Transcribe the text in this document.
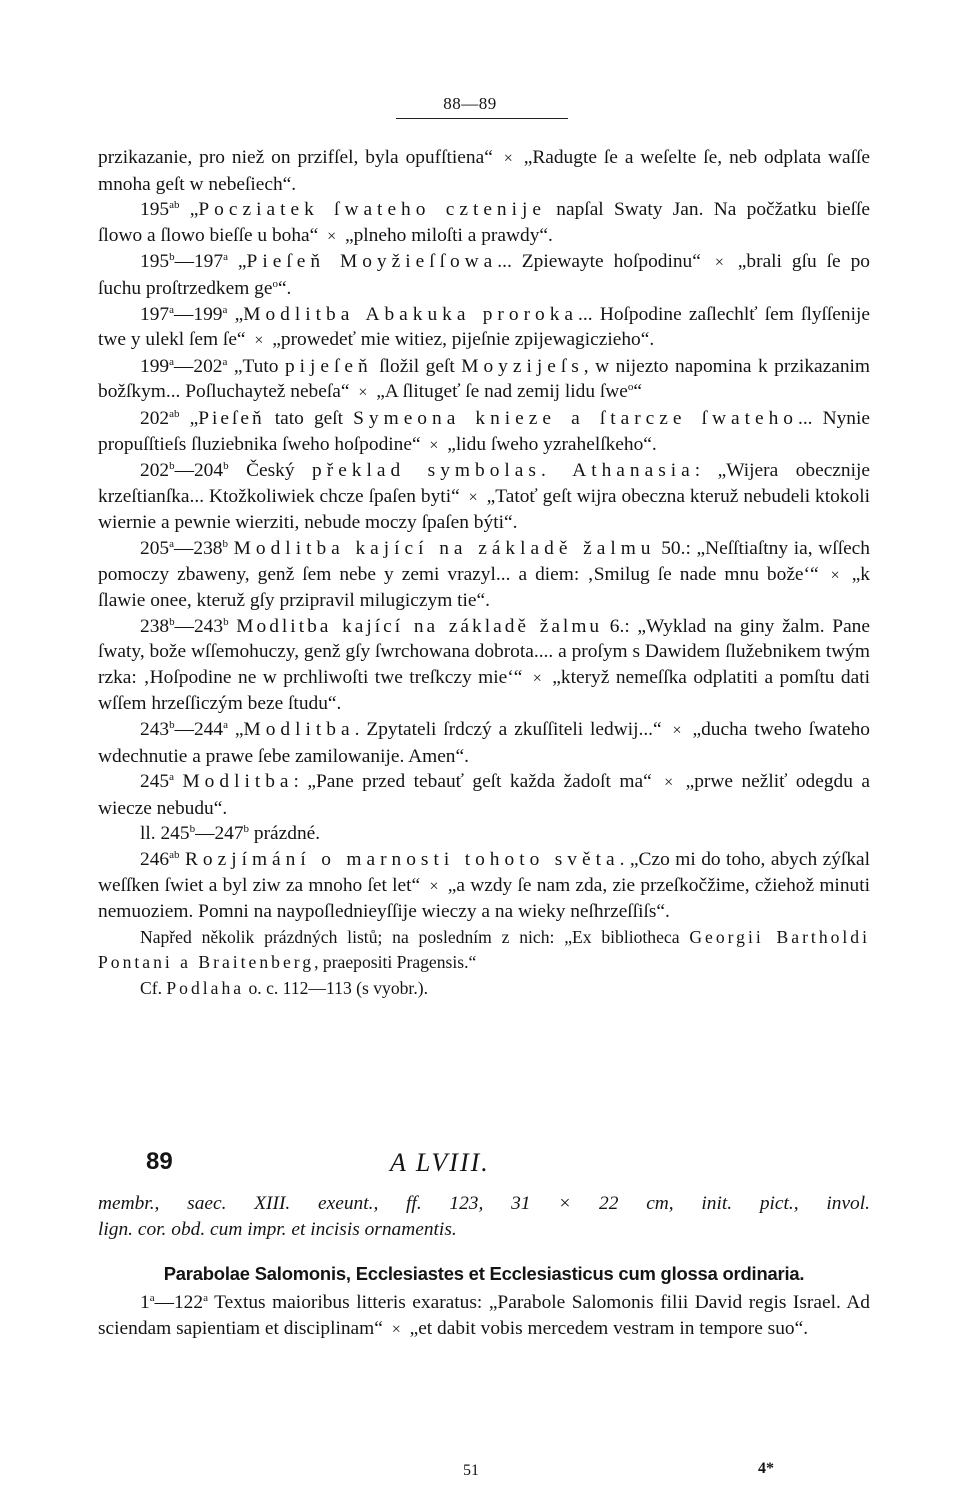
88—89

przikazanie, pro niež on przifſel, byla opufſtiena“ × „Radugte ſe a weſelte ſe, neb odplata waſſe mnoha geſt w nebeſiech“.

$195^{ab}$ „Pocziatek ſwateho cztenije napſal Swaty Jan. Na počžatku bieſſe ſlowo a ſlowo bieſſe u boha“ × „plneho miloſti a prawdy“.

195$^b$—197$^a$ „Pieſeň Moyžieſſowa... Zpiewayte hoſpodinu“ × „brali gſu ſe po ſuchu proſtrzedkem $ge^o“$.

197$^a$—199$^a$ „Modlitba Abakuka proroka... Hoſpodine zaſlechlť ſem ſlyſſenije twe y ulekl ſem ſe“ × „prowedeť mie witiez, pijeſnie zpijewagiczieho“.

199$^a$—202$^a$ „Tuto pijeſeň ſložil geſt Moyzijeſs, w nijezto napomina k przikazanim božſkym... Poſluchaytež nebeſa“ × „A ſlitugeť ſe nad zemij lidu ſwe$^o$“

$202^{ab}$ „Pieſeň tato geſt Symeona knieze a ſtarcze ſwateho... Nynie propuſſtieſs ſluziebnika ſweho hoſpodine“ × „lidu ſweho yzrahelſkeho“.

202$^b$—204$^b$ Český překlad symbolas. Athanasia: „Wijera obecznije krzeſtianſka... Ktožkoliwiek chcze ſpaſen byti“ × „Tatoť geſt wijra obeczna kteruž nebudeli ktokoli wiernie a pewnie wierziti, nebude moczy ſpaſen býti“.

205$^a$—238$^b$ Modlitba kající na základě žalmu 50.: „Neſſtiaſtny ia, wſſech pomoczy zbaweny, genž ſem nebe y zemi vrazyl... a diem: ‚Smilug ſe nade mnu bože‘“ × „k ſlawie onee, kteruž gſy przipravil milugiczym tie“.

238$^b$—243$^b$ Modlitba kající na základě žalmu 6.: „Wyklad na giny žalm. Pane ſwaty, bože wſſemohuczy, genž gſy ſwrchowana dobrota.... a proſym s Dawidem ſlužebnikem twým rzka: ‚Hoſpodine ne w prchliwoſti twe treſkczy mie‘“ × „kteryž nemeſſka odplatiti a pomſtu dati wſſem hrzeſſiczým beze ſtudu“.

243$^b$—244$^a$ „Modlitba. Zpytateli ſrdczý a zkuſſiteli ledwij...“ × „ducha tweho ſwateho wdechnutie a prawe ſebe zamilowanije. Amen“.

245$^a$ Modlitba: „Pane przed tebauť geſt každa žadoſt ma“ × „prwe nežliť odegdu a wiecze nebudu“.

ll. 245$^b$—247$^b$ prázdné.

$246^{ab}$ Rozjímání o marnosti tohoto světa. „Czo mi do toho, abych zýſkal weſſken ſwiet a byl ziw za mnoho ſet let“ × „a wzdy ſe nam zda, zie przeſkočžime, cžiehož minuti nemuoziem. Pomni na naypoſlednieyſſije wieczy a na wieky neſhrzeſſiſs“.

Napřed několik prázdných listů; na posledním z nich: „Ex bibliotheca Georgii Bartholdi Pontani a Braitenberg, praepositi Pragensis.“

Cf. Podlaha o. c. 112—113 (s vyobr.).

89	A LVIII.
membr., saec. XIII. exeunt., ff. 123, 31 × 22 cm, init. pict., invol.
lign. cor. obd. cum impr. et incisis ornamentis.
Parabolae Salomonis, Ecclesiastes et Ecclesiasticus cum glossa ordinaria.

1$^a$—122$^a$ Textus maioribus litteris exaratus: „Parabole Salomonis filii David regis Israel. Ad sciendam sapientiam et disciplinam“ × „et dabit vobis mercedem vestram in tempore suo“.

51	4*
